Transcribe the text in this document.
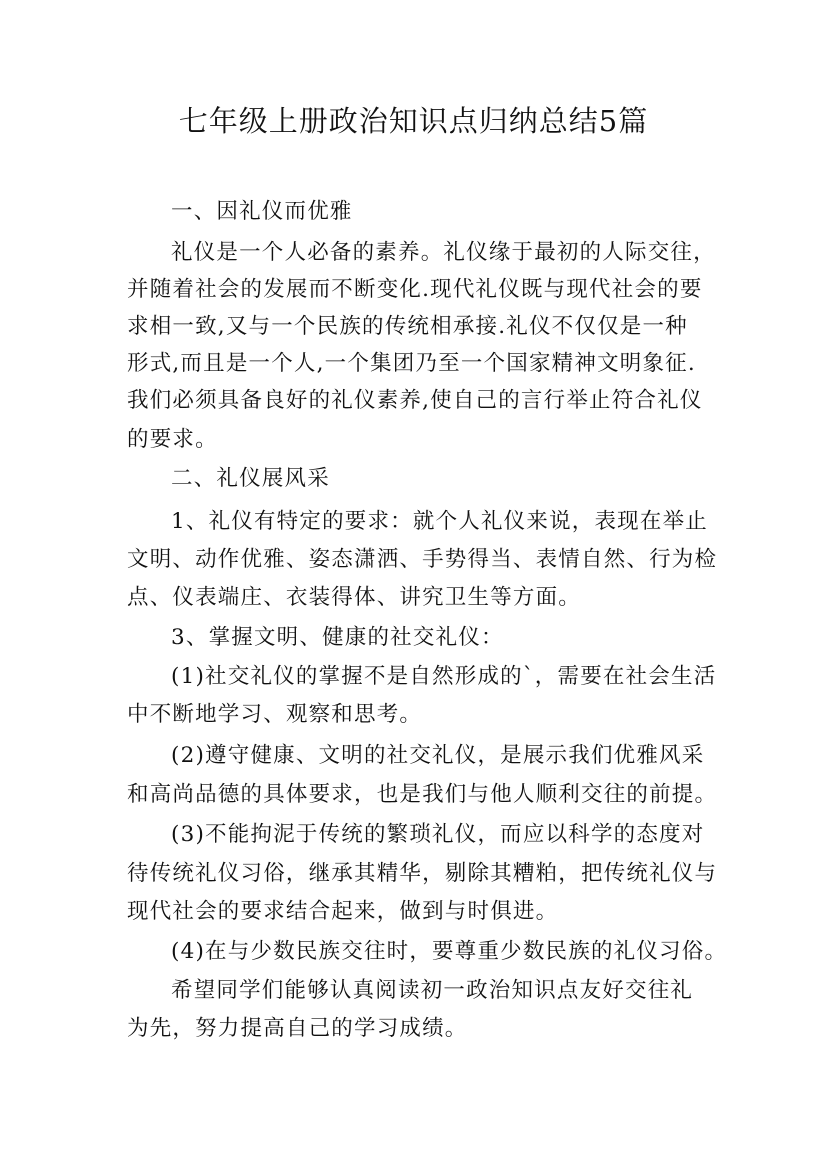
七年级上册政治知识点归纳总结5篇

一、因礼仪而优雅

礼仪是一个人必备的素养。礼仪缘于最初的人际交往，

并随着社会的发展而不断变化.现代礼仪既与现代社会的要

求相一致,又与一个民族的传统相承接.礼仪不仅仅是一种

形式,而且是一个人,一个集团乃至一个国家精神文明象征.

我们必须具备良好的礼仪素养,使自己的言行举止符合礼仪

的要求。

二、礼仪展风采

1、礼仪有特定的要求：就个人礼仪来说，表现在举止

文明、动作优雅、姿态潇洒、手势得当、表情自然、行为检

点、仪表端庄、衣装得体、讲究卫生等方面。

3、掌握文明、健康的社交礼仪：

(1)社交礼仪的掌握不是自然形成的`，需要在社会生活

中不断地学习、观察和思考。

(2)遵守健康、文明的社交礼仪，是展示我们优雅风采

和高尚品德的具体要求，也是我们与他人顺利交往的前提。

(3)不能拘泥于传统的繁琐礼仪，而应以科学的态度对

待传统礼仪习俗，继承其精华，剔除其糟粕，把传统礼仪与

现代社会的要求结合起来，做到与时俱进。

(4)在与少数民族交往时，要尊重少数民族的礼仪习俗。

希望同学们能够认真阅读初一政治知识点友好交往礼

为先，努力提高自己的学习成绩。
